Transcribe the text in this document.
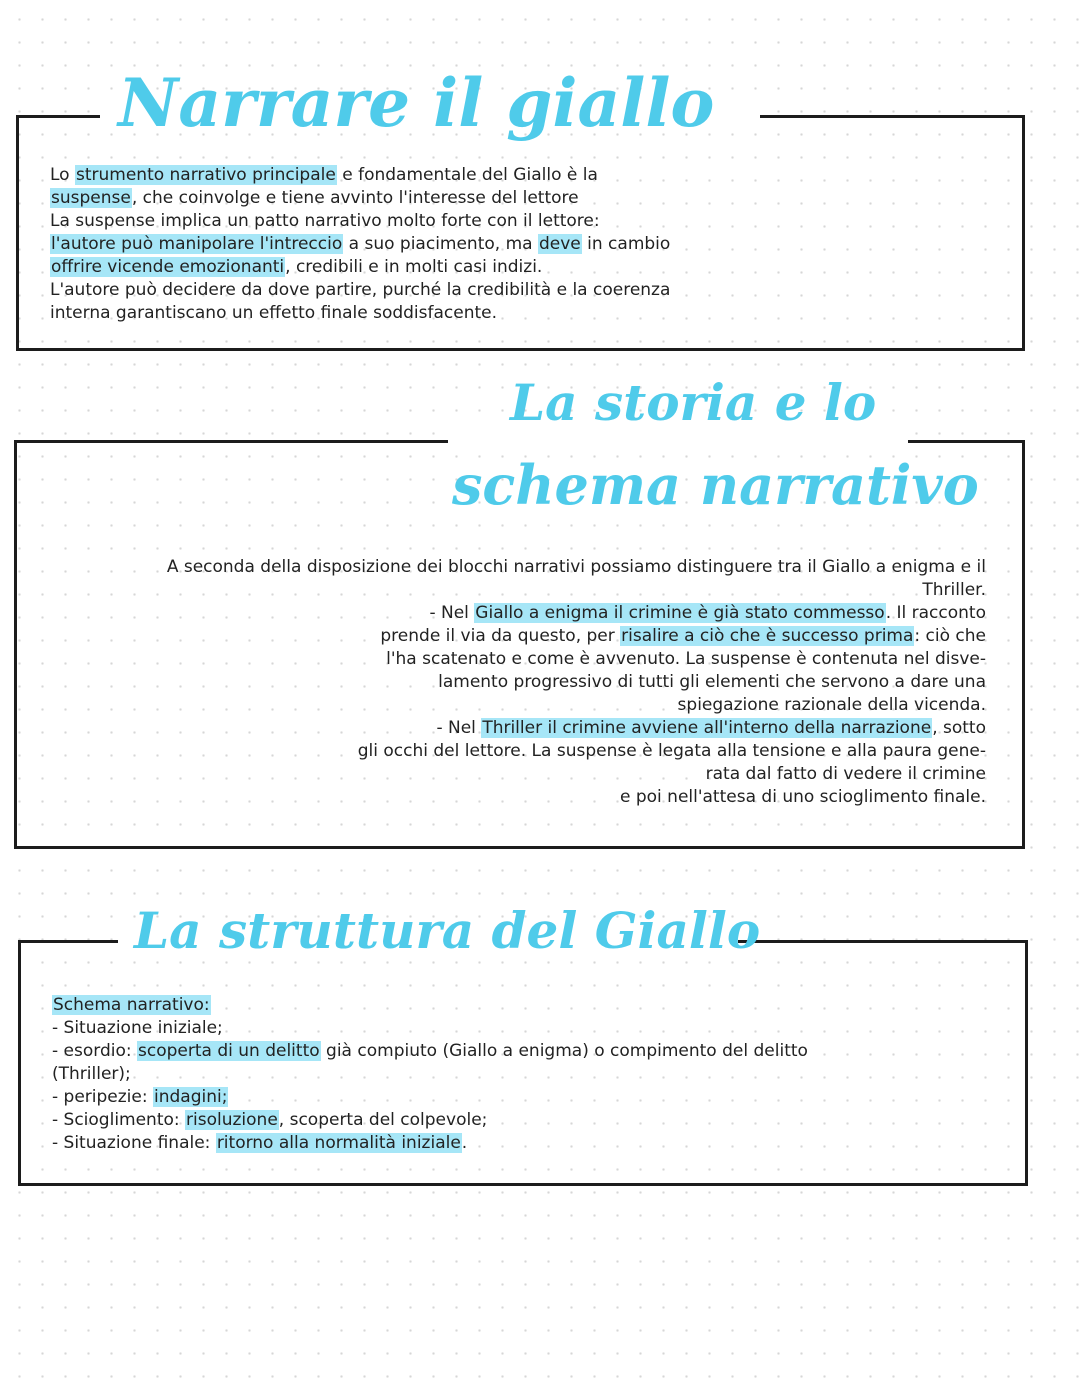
Narrare il giallo

Lo strumento narrativo principale e fondamentale del Giallo è la

suspense, che coinvolge e tiene avvinto l'interesse del lettore

La suspense implica un patto narrativo molto forte con il lettore:

l'autore può manipolare l'intreccio a suo piacimento, ma deve in cambio

offrire vicende emozionanti, credibili e in molti casi indizi.

L'autore può decidere da dove partire, purché la credibilità e la coerenza

interna garantiscano un effetto finale soddisfacente.

La storia e lo
schema narrativo

A seconda della disposizione dei blocchi narrativi possiamo distinguere tra il Giallo a enigma e il

Thriller.

- Nel Giallo a enigma il crimine è già stato commesso. Il racconto

prende il via da questo, per risalire a ciò che è successo prima: ciò che

l'ha scatenato e come è avvenuto. La suspense è contenuta nel disve-

lamento progressivo di tutti gli elementi che servono a dare una

spiegazione razionale della vicenda.

- Nel Thriller il crimine avviene all'interno della narrazione, sotto

gli occhi del lettore. La suspense è legata alla tensione e alla paura gene-

rata dal fatto di vedere il crimine

e poi nell'attesa di uno scioglimento finale.

La struttura del Giallo

Schema narrativo:

- Situazione iniziale;

- esordio: scoperta di un delitto già compiuto (Giallo a enigma) o compimento del delitto

(Thriller);

- peripezie: indagini;

- Scioglimento: risoluzione, scoperta del colpevole;

- Situazione finale: ritorno alla normalità iniziale.
